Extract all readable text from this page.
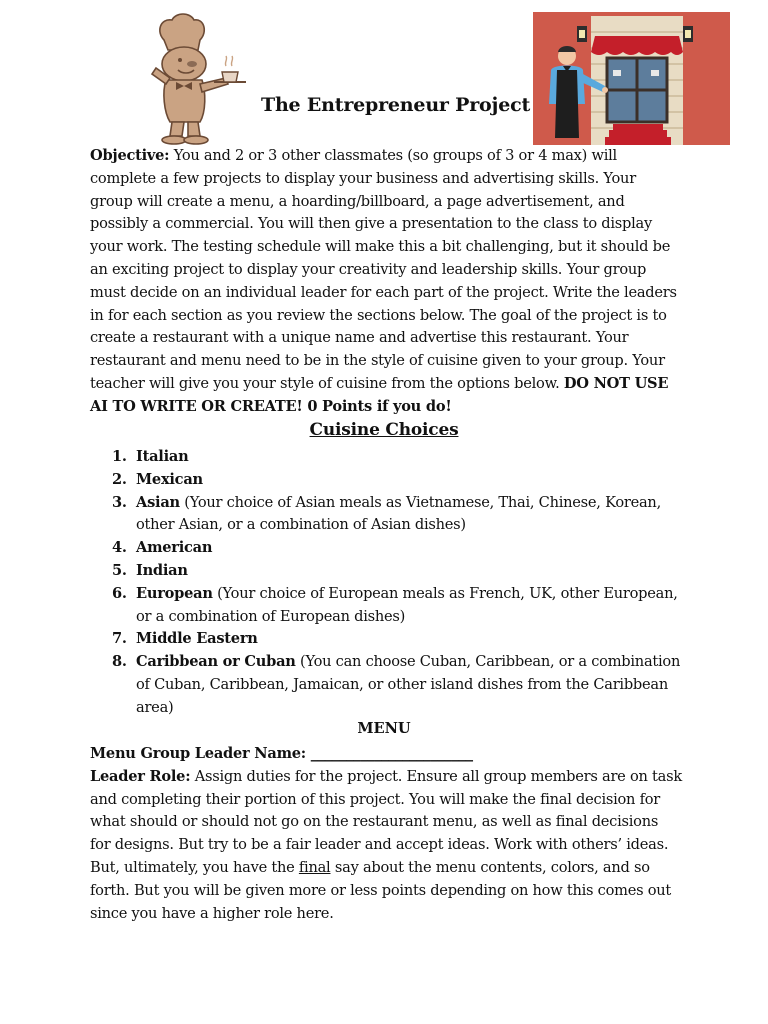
The Entrepreneur Project

Objective: You and 2 or 3 other classmates (so groups of 3 or 4 max) will complete a few projects to display your business and advertising skills. Your group will create a menu, a hoarding/billboard, a page advertisement, and possibly a commercial. You will then give a presentation to the class to display your work. The testing schedule will make this a bit challenging, but it should be an exciting project to display your creativity and leadership skills. Your group must decide on an individual leader for each part of the project. Write the leaders in for each section as you review the sections below. The goal of the project is to create a restaurant with a unique name and advertise this restaurant. Your restaurant and menu need to be in the style of cuisine given to your group. Your teacher will give you your style of cuisine from the options below. DO NOT USE AI TO WRITE OR CREATE! 0 Points if you do!

Cuisine Choices
1. Italian
2. Mexican
3. Asian (Your choice of Asian meals as Vietnamese, Thai, Chinese, Korean, other Asian, or a combination of Asian dishes)
4. American
5. Indian
6. European (Your choice of European meals as French, UK, other European, or a combination of European dishes)
7. Middle Eastern
8. Caribbean or Cuban (You can choose Cuban, Caribbean, or a combination of Cuban, Caribbean, Jamaican, or other island dishes from the Caribbean area)
MENU
Menu Group Leader Name: _______________________
Leader Role: Assign duties for the project. Ensure all group members are on task and completing their portion of this project. You will make the final decision for what should or should not go on the restaurant menu, as well as final decisions for designs. But try to be a fair leader and accept ideas. Work with others’ ideas. But, ultimately, you have the final say about the menu contents, colors, and so forth. But you will be given more or less points depending on how this comes out since you have a higher role here.
